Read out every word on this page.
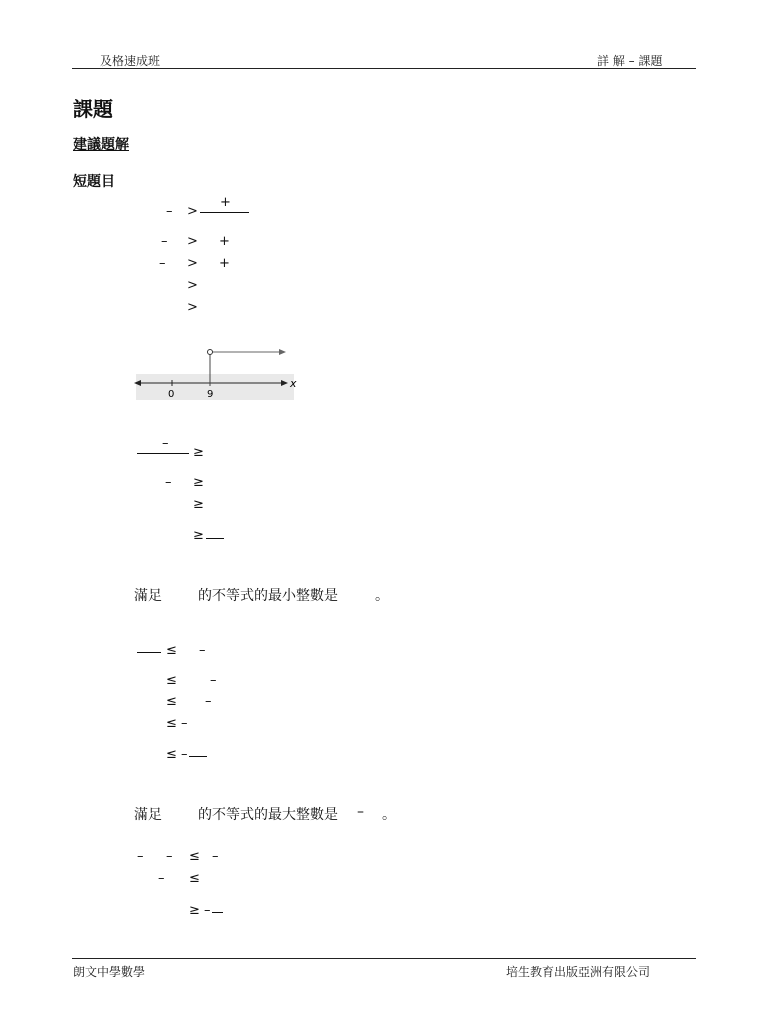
及格速成班	詳 解 – 課題
課題
建議題解
短題目
– >
+
– > +
– > +
>
>
x
0	9
–
≥
– ≥
≥
≥
滿足	的不等式的最小整數是	。
≤ –
≤	–
≤ –
≤ –
≤ –
滿足	的不等式的最大整數是 – 。
– – ≤ –
– ≤
≥ –
朗文中學數學	培生教育出版亞洲有限公司
